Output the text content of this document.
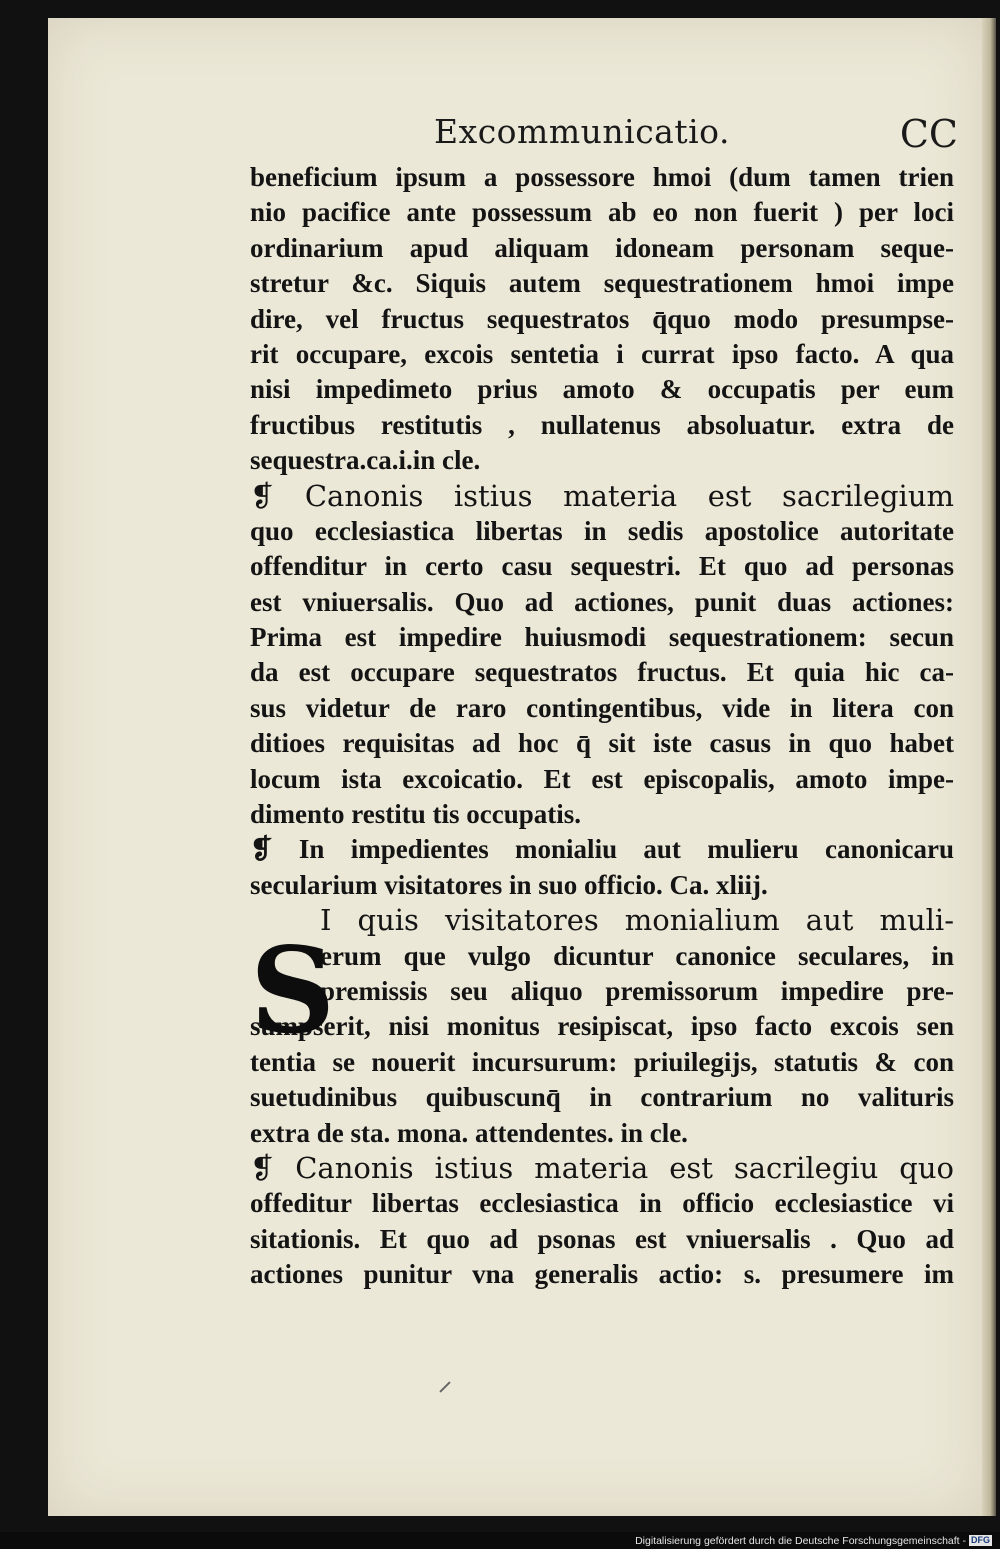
Excommunicatio.	CC
beneficium ipsum a possessore hmoi (dum tamen trien
nio pacifice ante possessum ab eo non fuerit ) per loci
ordinarium apud aliquam idoneam personam seque-
stretur &c. Siquis autem sequestrationem hmoi impe
dire, vel fructus sequestratos q̄quo modo presumpse-
rit occupare, excois sentetia i currat ipso facto. A qua
nisi impedimeto prius amoto & occupatis per eum
fructibus restitutis , nullatenus absoluatur. extra de
sequestra.ca.i.in cle.
❡ Canonis istius materia est sacrilegium
quo ecclesiastica libertas in sedis apostolice autoritate
offenditur in certo casu sequestri. Et quo ad personas
est vniuersalis. Quo ad actiones, punit duas actiones:
Prima est impedire huiusmodi sequestrationem: secun
da est occupare sequestratos fructus. Et quia hic ca-
sus videtur de raro contingentibus, vide in litera con
ditioes requisitas ad hoc q̄ sit iste casus in quo habet
locum ista excoicatio. Et est episcopalis, amoto impe-
dimento restitu tis occupatis.
❡ In impedientes monialiu aut mulieru canonicaru
secularium visitatores in suo officio. Ca. xliij.
S
I quis visitatores monialium aut muli-
erum que vulgo dicuntur canonice seculares, in
premissis seu aliquo premissorum impedire pre-
sumpserit, nisi monitus resipiscat, ipso facto excois sen
tentia se nouerit incursurum: priuilegijs, statutis & con
suetudinibus quibuscunq̄ in contrarium no valituris
extra de sta. mona. attendentes. in cle.
❡ Canonis istius materia est sacrilegiu quo
offeditur libertas ecclesiastica in officio ecclesiastice vi
sitationis. Et quo ad psonas est vniuersalis . Quo ad
actiones punitur vna generalis actio: s. presumere im
Digitalisierung gefördert durch die Deutsche Forschungsgemeinschaft - DFG
